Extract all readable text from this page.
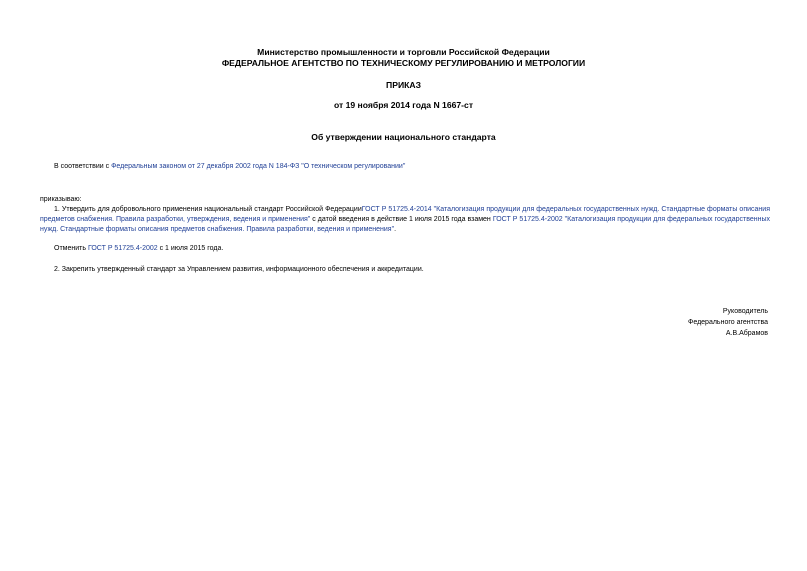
Министерство промышленности и торговли Российской Федерации
ФЕДЕРАЛЬНОЕ АГЕНТСТВО ПО ТЕХНИЧЕСКОМУ РЕГУЛИРОВАНИЮ И МЕТРОЛОГИИ
ПРИКАЗ
от 19 ноября 2014 года N 1667-ст
Об утверждении национального стандарта
В соответствии с Федеральным законом от 27 декабря 2002 года N 184-ФЗ "О техническом регулировании"
приказываю:
1. Утвердить для добровольного применения национальный стандарт Российской ФедерацииГОСТ Р 51725.4-2014 "Каталогизация продукции для федеральных государственных нужд. Стандартные форматы описания предметов снабжения. Правила разработки, утверждения, ведения и применения" с датой введения в действие 1 июля 2015 года взамен ГОСТ Р 51725.4-2002 "Каталогизация продукции для федеральных государственных нужд. Стандартные форматы описания предметов снабжения. Правила разработки, ведения и применения".
Отменить ГОСТ Р 51725.4-2002 с 1 июля 2015 года.
2. Закрепить утвержденный стандарт за Управлением развития, информационного обеспечения и аккредитации.
Руководитель
Федерального агентства
А.В.Абрамов
